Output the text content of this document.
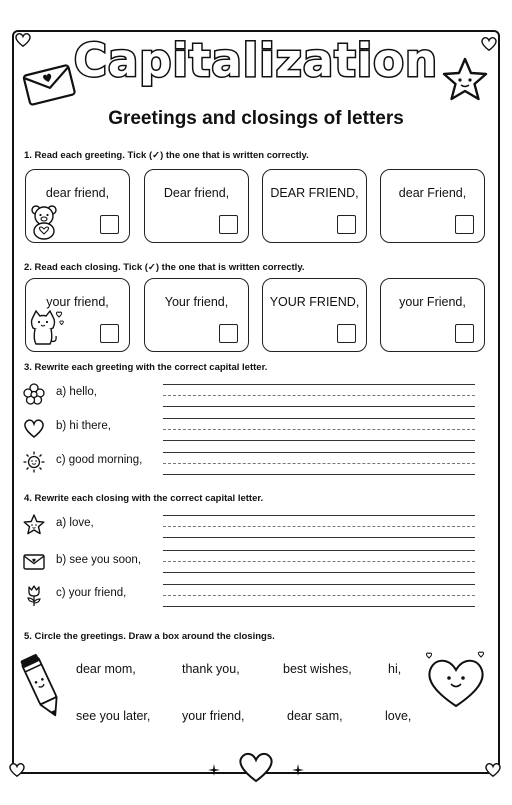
Capitalization
Greetings and closings of letters
1. Read each greeting. Tick (✓) the one that is written correctly.
dear friend,	Dear friend,	DEAR FRIEND,	dear Friend,
2. Read each closing. Tick (✓) the one that is written correctly.
your friend,	Your friend,	YOUR FRIEND,	your Friend,
3. Rewrite each greeting with the correct capital letter.
a) hello,
b) hi there,
c) good morning,
4. Rewrite each closing with the correct capital letter.
a) love,
b) see you soon,
c) your friend,
5. Circle the greetings. Draw a box around the closings.
dear mom,	thank you,	best wishes,	hi,
see you later,	your friend,	dear sam,	love,
